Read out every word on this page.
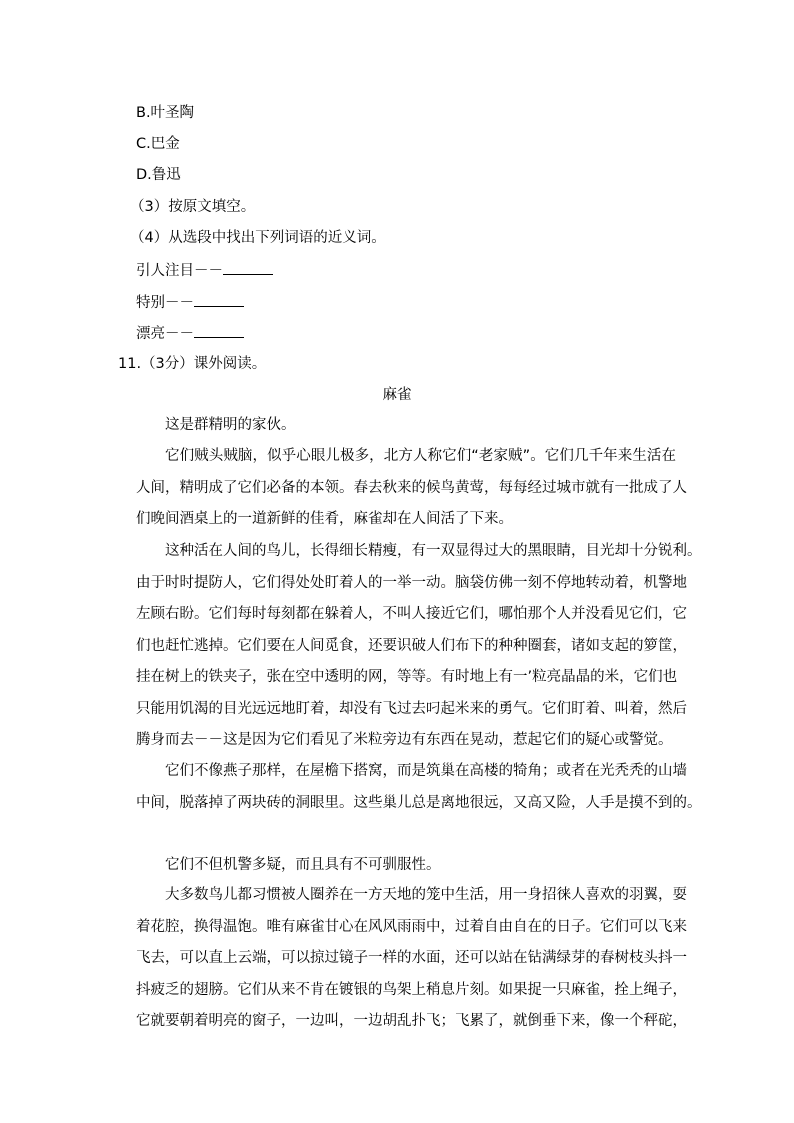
B.叶圣陶
C.巴金
D.鲁迅
（3）按原文填空。
（4）从选段中找出下列词语的近义词。
引人注目－－
特别－－
漂亮－－
11.（3分）课外阅读。
麻雀
这是群精明的家伙。
它们贼头贼脑，似乎心眼儿极多，北方人称它们“老家贼”。它们几千年来生活在
人间，精明成了它们必备的本领。春去秋来的候鸟黄莺，每每经过城市就有一批成了人
们晚间酒桌上的一道新鲜的佳肴，麻雀却在人间活了下来。
这种活在人间的鸟儿，长得细长精瘦，有一双显得过大的黑眼睛，目光却十分锐利。
由于时时提防人，它们得处处盯着人的一举一动。脑袋仿佛一刻不停地转动着，机警地
左顾右盼。它们每时每刻都在躲着人，不叫人接近它们，哪怕那个人并没看见它们，它
们也赶忙逃掉。它们要在人间觅食，还要识破人们布下的种种圈套，诸如支起的箩筐，
挂在树上的铁夹子，张在空中透明的网，等等。有时地上有一’粒亮晶晶的米，它们也
只能用饥渴的目光远远地盯着，却没有飞过去叼起米来的勇气。它们盯着、叫着，然后
腾身而去－－这是因为它们看见了米粒旁边有东西在晃动，惹起它们的疑心或警觉。
它们不像燕子那样，在屋檐下搭窝，而是筑巢在高楼的犄角；或者在光秃秃的山墙
中间，脱落掉了两块砖的洞眼里。这些巢儿总是离地很远，又高又险，人手是摸不到的。
它们不但机警多疑，而且具有不可驯服性。
大多数鸟儿都习惯被人圈养在一方天地的笼中生活，用一身招徕人喜欢的羽翼，耍
着花腔，换得温饱。唯有麻雀甘心在风风雨雨中，过着自由自在的日子。它们可以飞来
飞去，可以直上云端，可以掠过镜子一样的水面，还可以站在钻满绿芽的春树枝头抖一
抖疲乏的翅膀。它们从来不肯在镀银的鸟架上稍息片刻。如果捉一只麻雀，拴上绳子，
它就要朝着明亮的窗子，一边叫，一边胡乱扑飞；飞累了，就倒垂下来，像一个秤砣，
